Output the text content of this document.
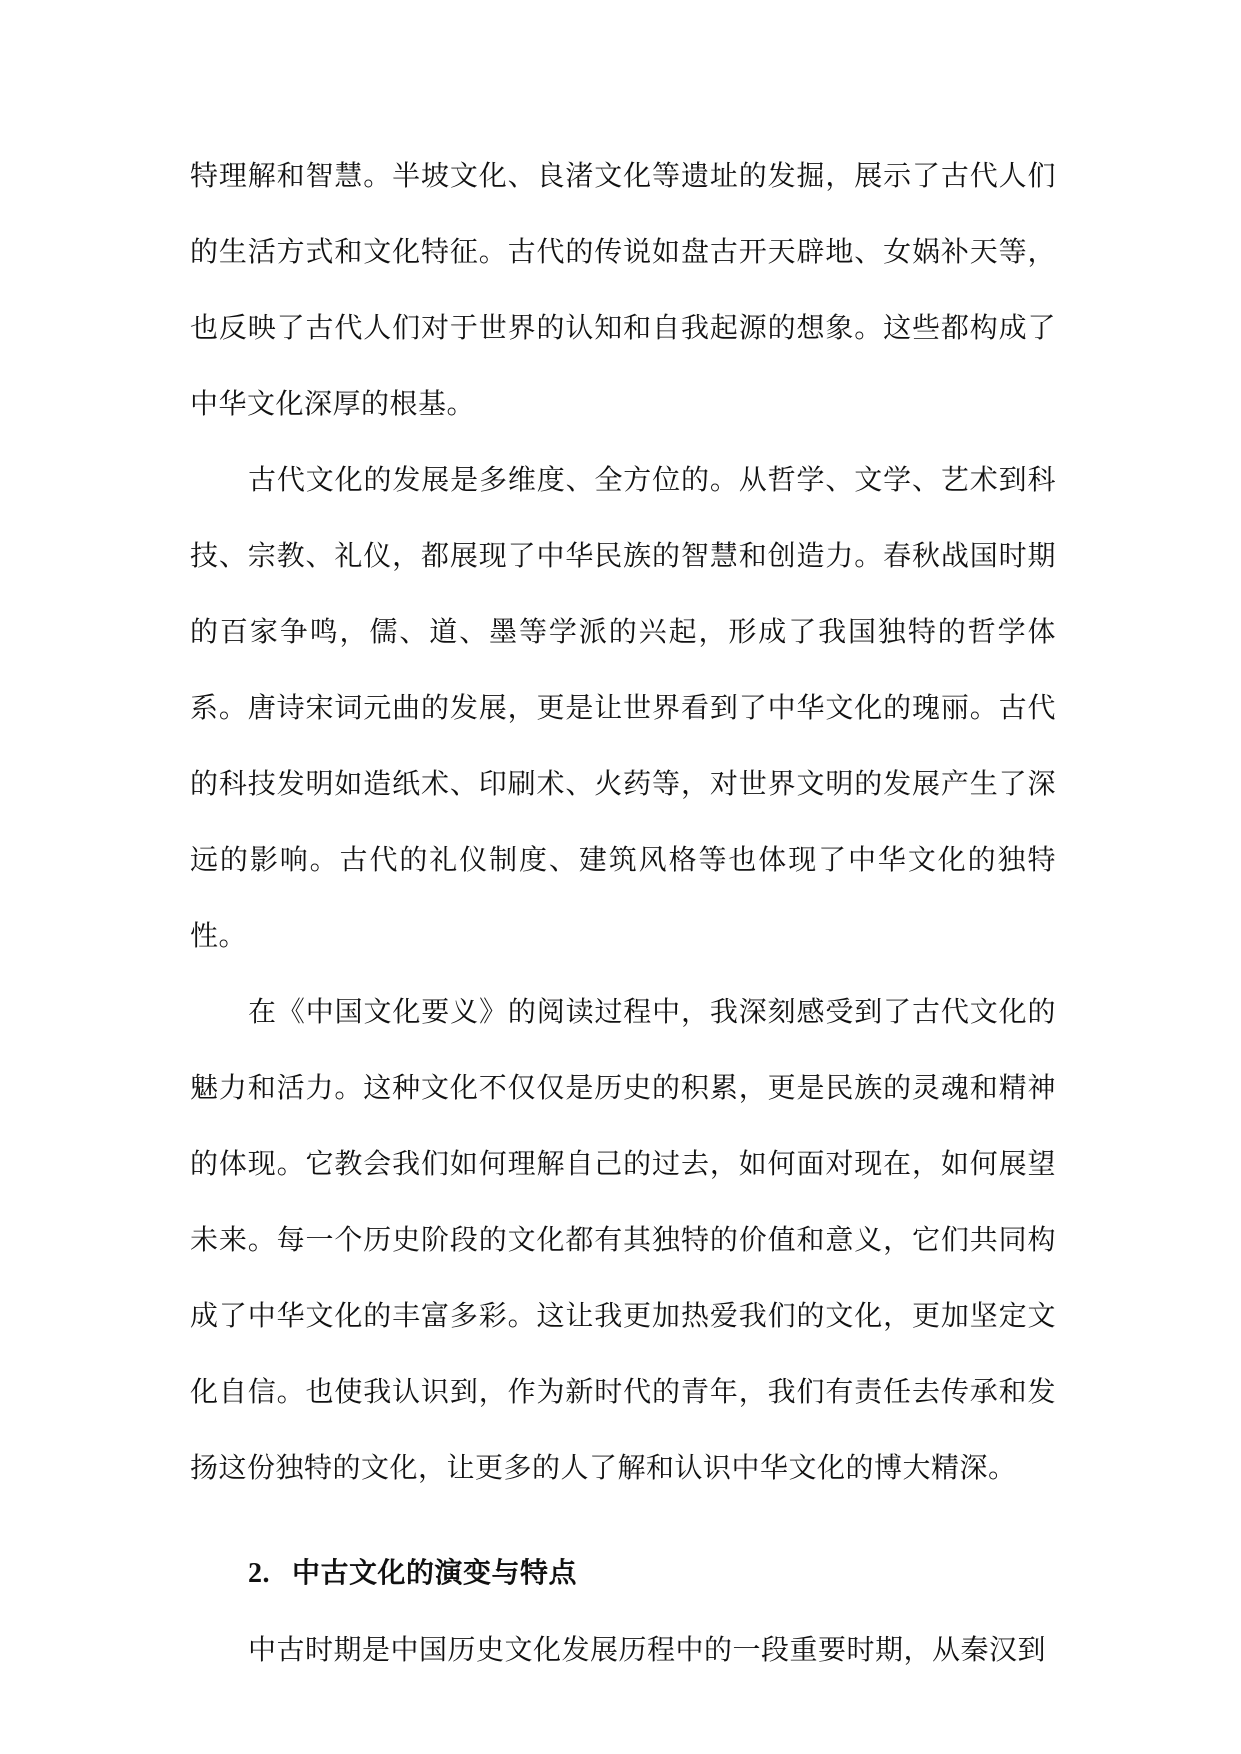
特理解和智慧。半坡文化、良渚文化等遗址的发掘，展示了古代人们的生活方式和文化特征。古代的传说如盘古开天辟地、女娲补天等，也反映了古代人们对于世界的认知和自我起源的想象。这些都构成了中华文化深厚的根基。

古代文化的发展是多维度、全方位的。从哲学、文学、艺术到科技、宗教、礼仪，都展现了中华民族的智慧和创造力。春秋战国时期的百家争鸣，儒、道、墨等学派的兴起，形成了我国独特的哲学体系。唐诗宋词元曲的发展，更是让世界看到了中华文化的瑰丽。古代的科技发明如造纸术、印刷术、火药等，对世界文明的发展产生了深远的影响。古代的礼仪制度、建筑风格等也体现了中华文化的独特性。

在《中国文化要义》的阅读过程中，我深刻感受到了古代文化的魅力和活力。这种文化不仅仅是历史的积累，更是民族的灵魂和精神的体现。它教会我们如何理解自己的过去，如何面对现在，如何展望未来。每一个历史阶段的文化都有其独特的价值和意义，它们共同构成了中华文化的丰富多彩。这让我更加热爱我们的文化，更加坚定文化自信。也使我认识到，作为新时代的青年，我们有责任去传承和发扬这份独特的文化，让更多的人了解和认识中华文化的博大精深。

2. 中古文化的演变与特点

中古时期是中国历史文化发展历程中的一段重要时期，从秦汉到
